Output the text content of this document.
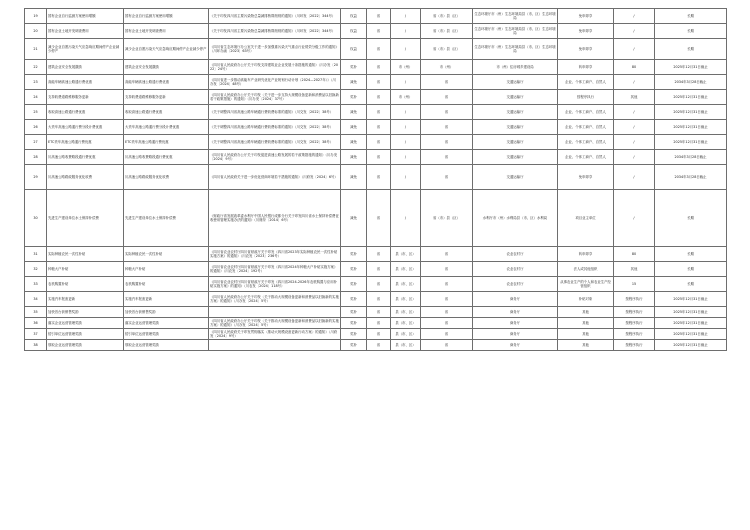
19	国有企业自行监测方案使用增额	国有企业自行监测方案使用增额	《关于印发四川省主要污染物总量减排核算细则的通知》（川环发〔2022〕344号）	权益	省	/	省（市）县（区）	生态环境厅市（州）生态环境局县（市、区）生态环境局	免申即享	/	长期
20	国有企业土地开发调查费用	国有企业土地开发调查费用	《关于印发四川省主要污染物总量减排核算细则的通知》（川环发〔2022〕344号）	权益	省	/	省（市）县（区）	生态环境厅市（州）生态环境局县（市、区）生态环境局	免申即享	/	长期
21	减少企业自愿污染天气应急响应期间停产企业减少停产	减少企业自愿污染天气应急响应期间停产企业减少停产	《四川省生态环境厅办公室关于进一步加强重污染天气重点行业绩效分级工作的通知》（川环办函〔2023〕63号）	权益	省	/	省（市）县（区）	生态环境厅市（州）生态环境局县（市、区）生态环境局	免申即享	/	长期
22	建筑企业安全发展激励	建筑企业安全发展激励	《四川省人民政府办公厅关于印发支持建筑业企业发展十条措施的通知》（川办发〔2022〕24号）	奖补	省	市（州）	市（州）	市（州）住房城乡建设局	转申即享	80	2025年12月31日截止
23	高能车辆高速公路通行费优惠	高能车辆高速公路通行费优惠	《四川省进一步推动高能车产业研究优化产业规划行动计划（2024—2027年）》（川办发〔2024〕48号）	减免	省	/	省	交通运输厅	企业、个体工商户、自然人	/	2034年3月28日截止
24	支持收费道路维修服务更新	支持收费道路维修服务更新	《四川省人民政府办公厅关于印发〈关于进一步支持大规模设备更新和消费品以旧换新若干政策措施〉的通知》（川办发〔2024〕37号）	奖补	省	市（州）	省	交通运输厅	按程序执行	其他	2025年12月31日截止
25	收取高速公路通行费优惠	收取高速公路通行费优惠	《关于调整四川省高速公路车辆通行费收费标准的通知》（川交发〔2022〕38号）	减免	省	/	省	交通运输厅	企业、个体工商户、自然人	/	2025年12月31日截止
26	大货车高速公路通行费分段计费优惠	大货车高速公路通行费分段计费优惠	《关于调整四川省高速公路车辆通行费收费标准的通知》（川交发〔2022〕38号）	减免	省	/	省	交通运输厅	企业、个体工商户、自然人	/	2025年12月31日截止
27	ETC货车高速公路通行费优惠	ETC货车高速公路通行费优惠	《关于调整四川省高速公路车辆通行费收费标准的通知》（川交发〔2022〕38号）	减免	省	/	省	交通运输厅	企业、个体工商户、自然人	/	2025年12月31日截止
28	川高速公路收费路段通行费优惠	川高速公路收费路段通行费优惠	《四川省人民政府办公厅关于印发促进高速公路发展的若干政策措施的通知》（川办发〔2024〕9号）	减免	省	/	省	交通运输厅	企业、个体工商户、自然人	/	2034年3月28日截止
29	川高速公路路政服务优化收费	川高速公路路政服务优化收费	《四川省人民政府关于进一步优化营商环境若干措施的通知》（川府发〔2024〕6号）	减免	省	/	省	交通运输厅	免申即享	/	2034年3月28日截止
30	先进生产建设单位水土保持补偿费	先进生产建设单位水土保持补偿费	《财政厅省发展改革委水利厅中国人民银行成都分行关于印发四川省水土保持补偿费征收使用管理实施办法的通知》（川财综〔2014〕6号）	减免	省	/	省（市）县（区）	水利厅市（州）水利局县（市、区）水利局	项目业主单位	/	长期
31	实际种植农民一次性补贴	实际种植农民一次性补贴	《四川省农业农村厅四川省财政厅关于印发《四川省2023年实际种植农民一次性补贴实施方案》的通知》（川农发〔2023〕236号）	奖补	省	县（市、区）	省	农业农村厅	转申即享	80	长期
32	种粮大户补贴	种粮大户补贴	《四川省农业农村厅四川省财政厅关于印发《四川省2024年种粮大户补贴实施方案》的通知》（川农发〔2024〕192号）	奖补	省	县（市、区）	省	农业农村厅	法人或其他组织	其他	长期
33	农机购置补贴	农机购置补贴	《四川省农业农村厅四川省财政厅关于印发《四川省2024-2026年农机购置与应用补贴实施方案》的通知》（川农发〔2024〕118号）	奖补	省	县（市、区）	省	农业农村厅	从事农业生产的个人和农业生产经营组织	15	长期
34	实施汽车报废更新	实施汽车报废更新	《四川省人民政府办公厅关于印发〈关于推动大规模设备更新和消费品以旧换新的实施方案〉的通知》（川办发〔2024〕5号）	奖补	省	县（市、区）	省	商务厅	补贴对象	按程序执行	2025年12月31日截止
35	加快首台套销售奖励	加快首台套销售奖励		奖补	省	县（市、区）	省	商务厅	其他	按程序执行	2025年12月31日截止
36	落实企业运营管理奖励	落实企业运营管理奖励	《四川省人民政府办公厅关于印发〈关于推动大规模设备更新和消费品以旧换新的实施方案〉的通知》（川办发〔2024〕5号）	奖补	省	县（市、区）	省	商务厅	其他	按程序执行	2025年12月31日截止
37	招引单位运营管理奖励	招引单位运营管理奖励	《四川省人民政府关于印发贯彻落实〈推动大规模设备更新行动方案〉的通知》（川府发〔2024〕9号）	奖补	省	县（市、区）	省	商务厅	其他	按程序执行	2025年12月31日截止
38	领取企业运营管理奖励	领取企业运营管理奖励		奖补	省	县（市、区）	省	商务厅	其他	按程序执行	2025年12月31日截止
